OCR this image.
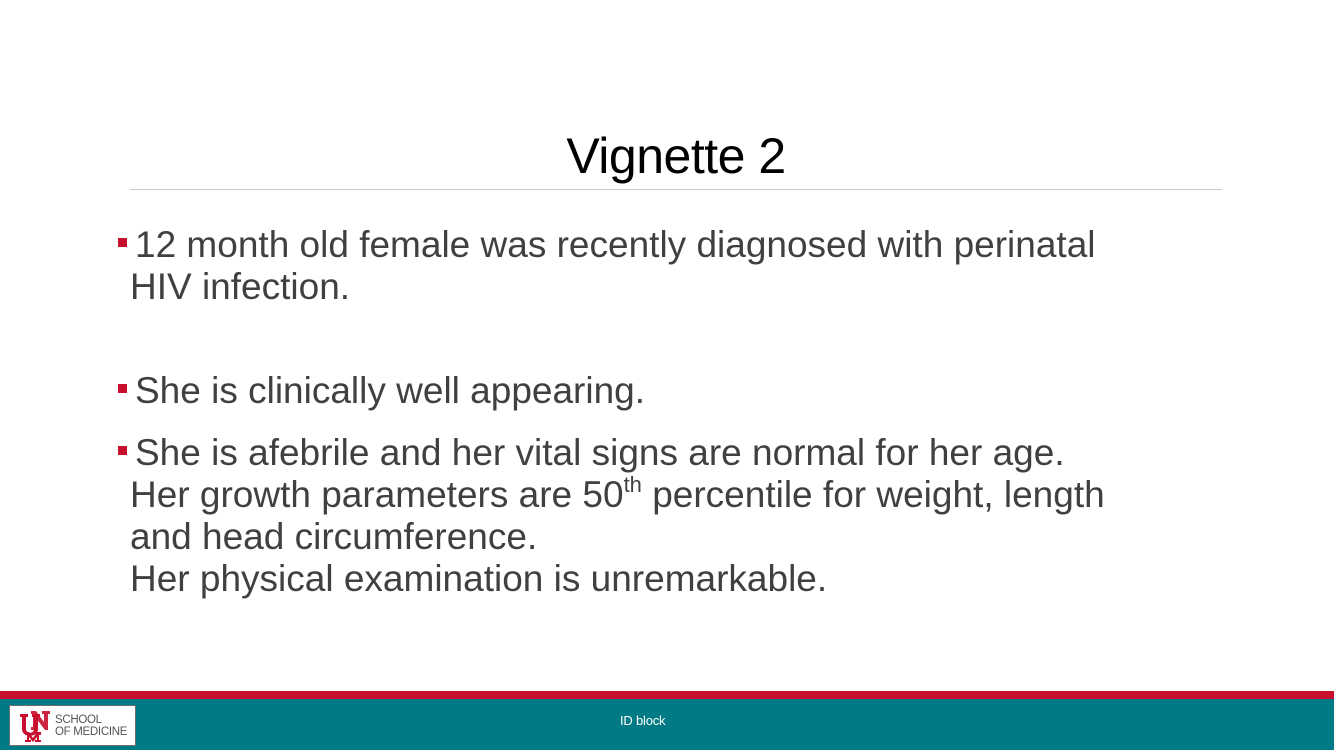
Vignette 2
12 month old female was recently diagnosed with perinatal
HIV infection.
She is clinically well appearing.
She is afebrile and her vital signs are normal for her age.
Her growth parameters are 50th percentile for weight, length
and head circumference.
Her physical examination is unremarkable.
SCHOOL
OF MEDICINE
ID block
